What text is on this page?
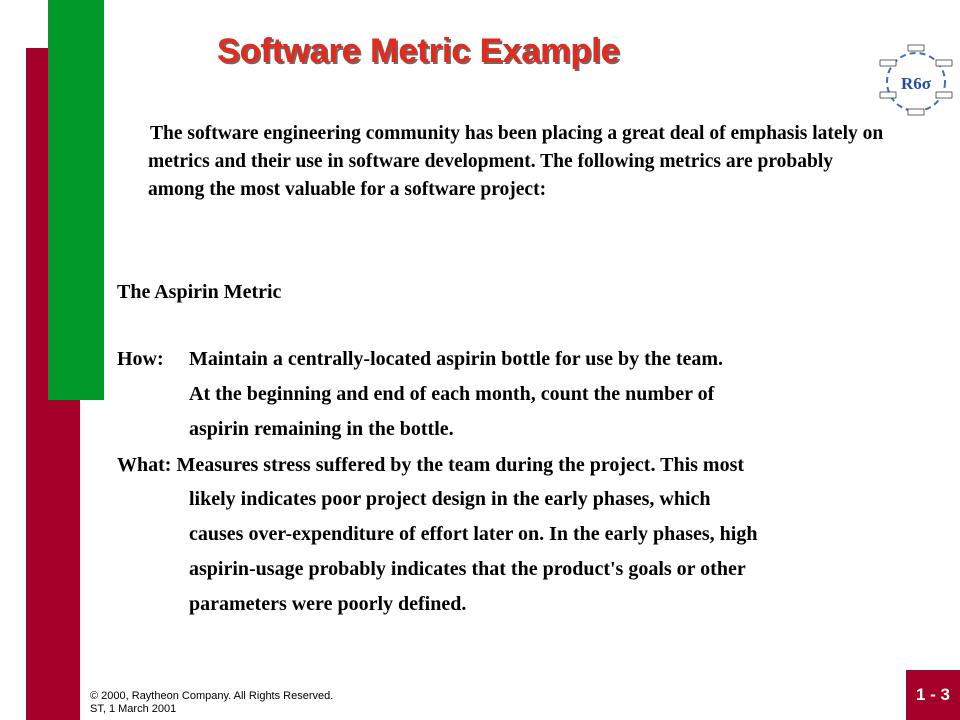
Software Metric Example
R6σ

The software engineering community has been placing a great deal of emphasis lately on metrics and their use in software development. The following metrics are probably among the most valuable for a software project:

The Aspirin Metric
How: Maintain a centrally-located aspirin bottle for use by the team.
At the beginning and end of each month, count the number of
aspirin remaining in the bottle.
What: Measures stress suffered by the team during the project. This most
likely indicates poor project design in the early phases, which
causes over-expenditure of effort later on. In the early phases, high
aspirin-usage probably indicates that the product's goals or other
parameters were poorly defined.
© 2000, Raytheon Company. All Rights Reserved.
ST, 1 March 2001
1 - 3
